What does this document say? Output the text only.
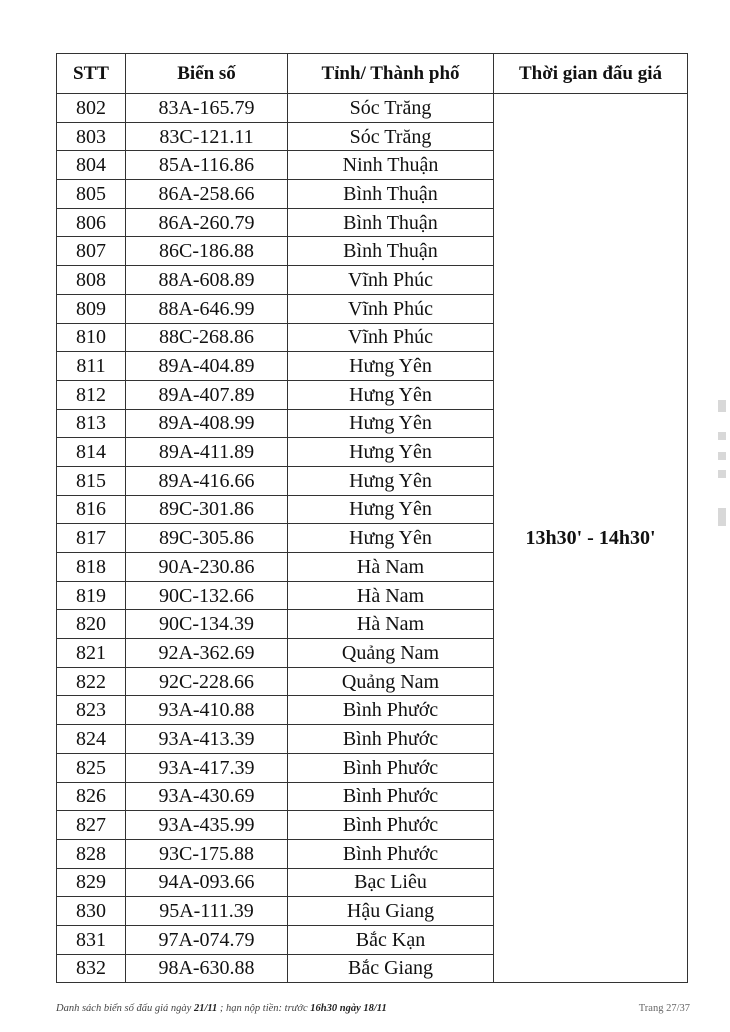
STT	Biển số	Tỉnh/ Thành phố	Thời gian đấu giá
802	83A-165.79	Sóc Trăng	13h30' - 14h30'
803	83C-121.11	Sóc Trăng	
804	85A-116.86	Ninh Thuận	
805	86A-258.66	Bình Thuận	
806	86A-260.79	Bình Thuận	
807	86C-186.88	Bình Thuận	
808	88A-608.89	Vĩnh Phúc	
809	88A-646.99	Vĩnh Phúc	
810	88C-268.86	Vĩnh Phúc	
811	89A-404.89	Hưng Yên	
812	89A-407.89	Hưng Yên	
813	89A-408.99	Hưng Yên	
814	89A-411.89	Hưng Yên	
815	89A-416.66	Hưng Yên	
816	89C-301.86	Hưng Yên	
817	89C-305.86	Hưng Yên	
818	90A-230.86	Hà Nam	
819	90C-132.66	Hà Nam	
820	90C-134.39	Hà Nam	
821	92A-362.69	Quảng Nam	
822	92C-228.66	Quảng Nam	
823	93A-410.88	Bình Phước	
824	93A-413.39	Bình Phước	
825	93A-417.39	Bình Phước	
826	93A-430.69	Bình Phước	
827	93A-435.99	Bình Phước	
828	93C-175.88	Bình Phước	
829	94A-093.66	Bạc Liêu	
830	95A-111.39	Hậu Giang	
831	97A-074.79	Bắc Kạn	
832	98A-630.88	Bắc Giang	
Danh sách biển số đấu giá ngày 21/11 ; hạn nộp tiền: trước 16h30 ngày 18/11	Trang 27/37
